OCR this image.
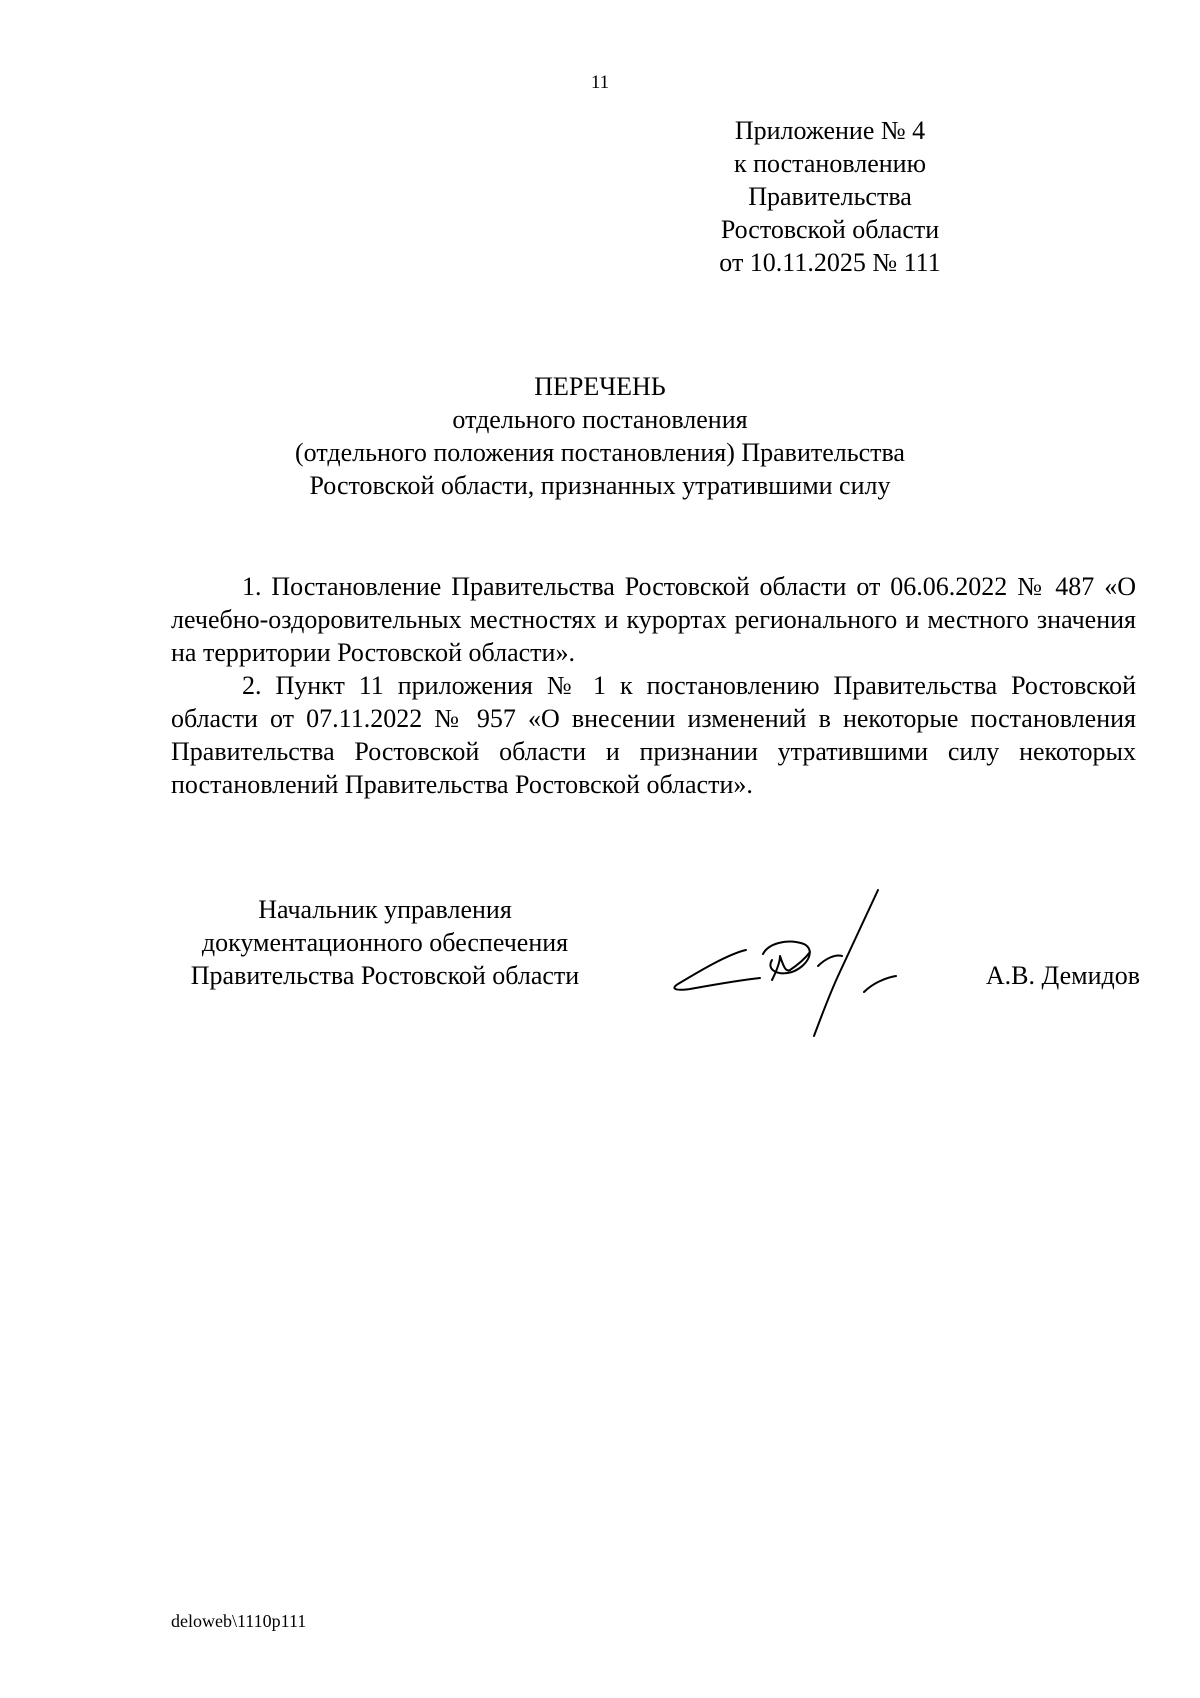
11
Приложение № 4
к постановлению
Правительства
Ростовской области
от 10.11.2025 № 111
ПЕРЕЧЕНЬ
отдельного постановления
(отдельного положения постановления) Правительства
Ростовской области, признанных утратившими силу

1. Постановление Правительства Ростовской области от 06.06.2022 № 487 «О лечебно-оздоровительных местностях и курортах регионального и местного значения на территории Ростовской области».

2. Пункт 11 приложения № 1 к постановлению Правительства Ростовской области от 07.11.2022 № 957 «О внесении изменений в некоторые постановления Правительства Ростовской области и признании утратившими силу некоторых постановлений Правительства Ростовской области».

Начальник управления
документационного обеспечения
Правительства Ростовской области	А.В. Демидов
deloweb\1110p111
